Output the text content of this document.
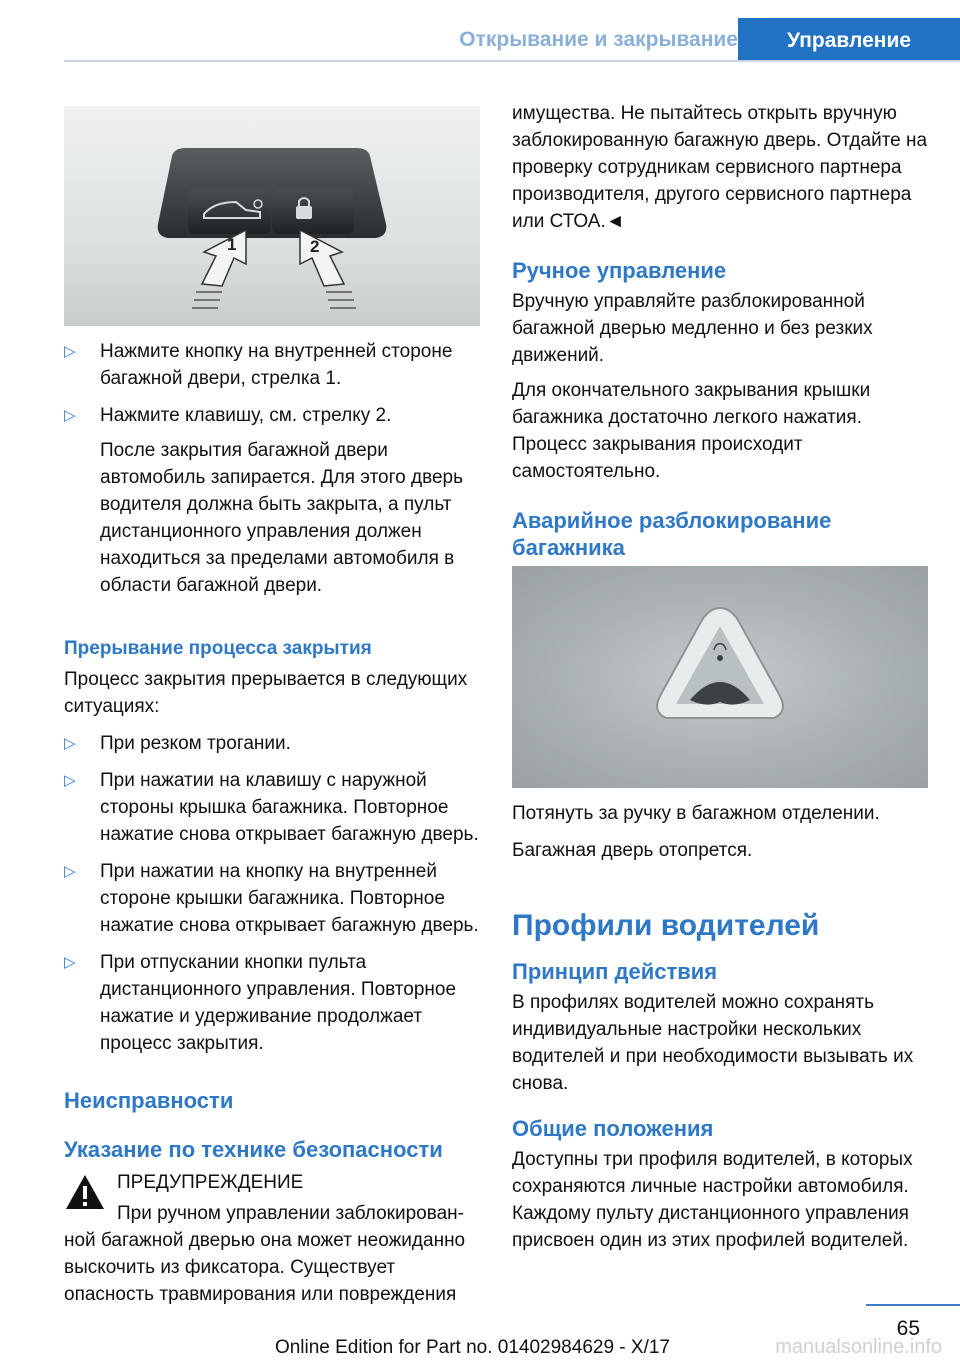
Открывание и закрывание	Управление
1	2
▷ Нажмите кнопку на внутренней стороне багажной двери, стрелка 1.
▷ Нажмите клавишу, см. стрелку 2.

После закрытия багажной двери автомобиль запирается. Для этого дверь водителя должна быть закрыта, а пульт дистанционного управления должен находиться за пределами автомобиля в области багажной двери.

Прерывание процесса закрытия

Процесс закрытия прерывается в следующих ситуациях:

▷ При резком трогании.
▷ При нажатии на клавишу с наружной стороны крышка багажника. Повторное нажатие снова открывает багажную дверь.
▷ При нажатии на кнопку на внутренней стороне крышки багажника. Повторное нажатие снова открывает багажную дверь.
▷ При отпускании кнопки пульта дистанционного управления. Повторное нажатие и удерживание продолжает процесс закрытия.
Неисправности
Указание по технике безопасности

ПРЕДУПРЕЖДЕНИЕ

При ручном управлении заблокирован-

ной багажной дверью она может неожиданно выскочить из фиксатора. Существует опасность травмирования или повреждения

имущества. Не пытайтесь открыть вручную заблокированную багажную дверь. Отдайте на проверку сотрудникам сервисного партнера производителя, другого сервисного партнера или СТОА.◄

Ручное управление

Вручную управляйте разблокированной багажной дверью медленно и без резких движений.

Для окончательного закрывания крышки багажника достаточно легкого нажатия. Процесс закрывания происходит самостоятельно.

Аварийное разблокирование багажника

Потянуть за ручку в багажном отделении.

Багажная дверь отопрется.

Профили водителей
Принцип действия

В профилях водителей можно сохранять индивидуальные настройки нескольких водителей и при необходимости вызывать их снова.

Общие положения

Доступны три профиля водителей, в которых сохраняются личные настройки автомобиля. Каждому пульту дистанционного управления присвоен один из этих профилей водителей.

65
Online Edition for Part no. 01402984629 - X/17	manualsonline.info
